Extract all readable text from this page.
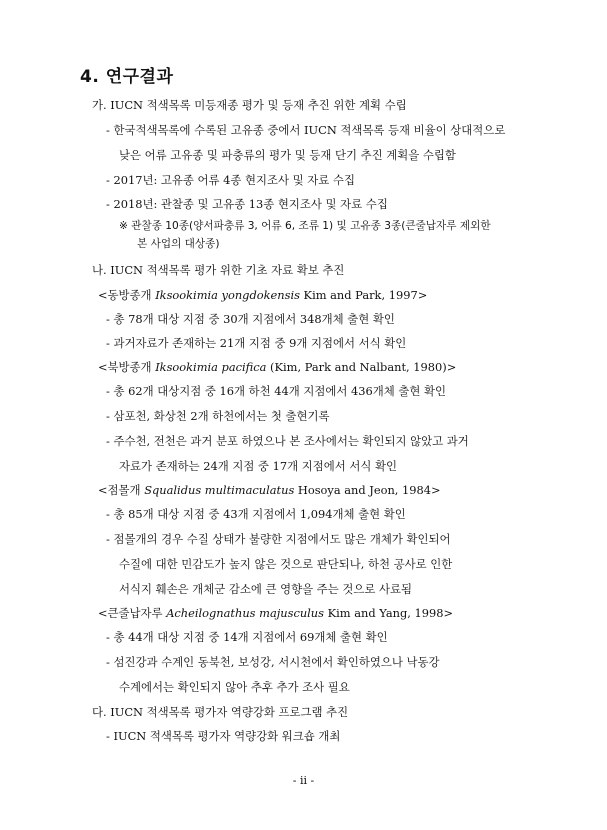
4. 연구결과
가. IUCN 적색목록 미등재종 평가 및 등재 추진 위한 계획 수립
- 한국적색목록에 수록된 고유종 중에서 IUCN 적색목록 등재 비율이 상대적으로
낮은 어류 고유종 및 파충류의 평가 및 등재 단기 추진 계획을 수립함
- 2017년: 고유종 어류 4종 현지조사 및 자료 수집
- 2018년: 관찰종 및 고유종 13종 현지조사 및 자료 수집
※ 관찰종 10종(양서파충류 3, 어류 6, 조류 1) 및 고유종 3종(큰줄납자루 제외한
본 사업의 대상종)
나. IUCN 적색목록 평가 위한 기초 자료 확보 추진
<동방종개 Iksookimia yongdokensis Kim and Park, 1997>
- 총 78개 대상 지점 중 30개 지점에서 348개체 출현 확인
- 과거자료가 존재하는 21개 지점 중 9개 지점에서 서식 확인
<북방종개 Iksookimia pacifica (Kim, Park and Nalbant, 1980)>
- 총 62개 대상지점 중 16개 하천 44개 지점에서 436개체 출현 확인
- 삼포천, 화상천 2개 하천에서는 첫 출현기록
- 주수천, 전천은 과거 분포 하였으나 본 조사에서는 확인되지 않았고 과거
자료가 존재하는 24개 지점 중 17개 지점에서 서식 확인
<점몰개 Squalidus multimaculatus Hosoya and Jeon, 1984>
- 총 85개 대상 지점 중 43개 지점에서 1,094개체 출현 확인
- 점몰개의 경우 수질 상태가 불량한 지점에서도 많은 개체가 확인되어
수질에 대한 민감도가 높지 않은 것으로 판단되나, 하천 공사로 인한
서식지 훼손은 개체군 감소에 큰 영향을 주는 것으로 사료됨
<큰줄납자루 Acheilognathus majusculus Kim and Yang, 1998>
- 총 44개 대상 지점 중 14개 지점에서 69개체 출현 확인
- 섬진강과 수계인 동북천, 보성강, 서시천에서 확인하였으나 낙동강
수계에서는 확인되지 않아 추후 추가 조사 필요
다. IUCN 적색목록 평가자 역량강화 프로그램 추진
- IUCN 적색목록 평가자 역량강화 워크숍 개최
- ii -
